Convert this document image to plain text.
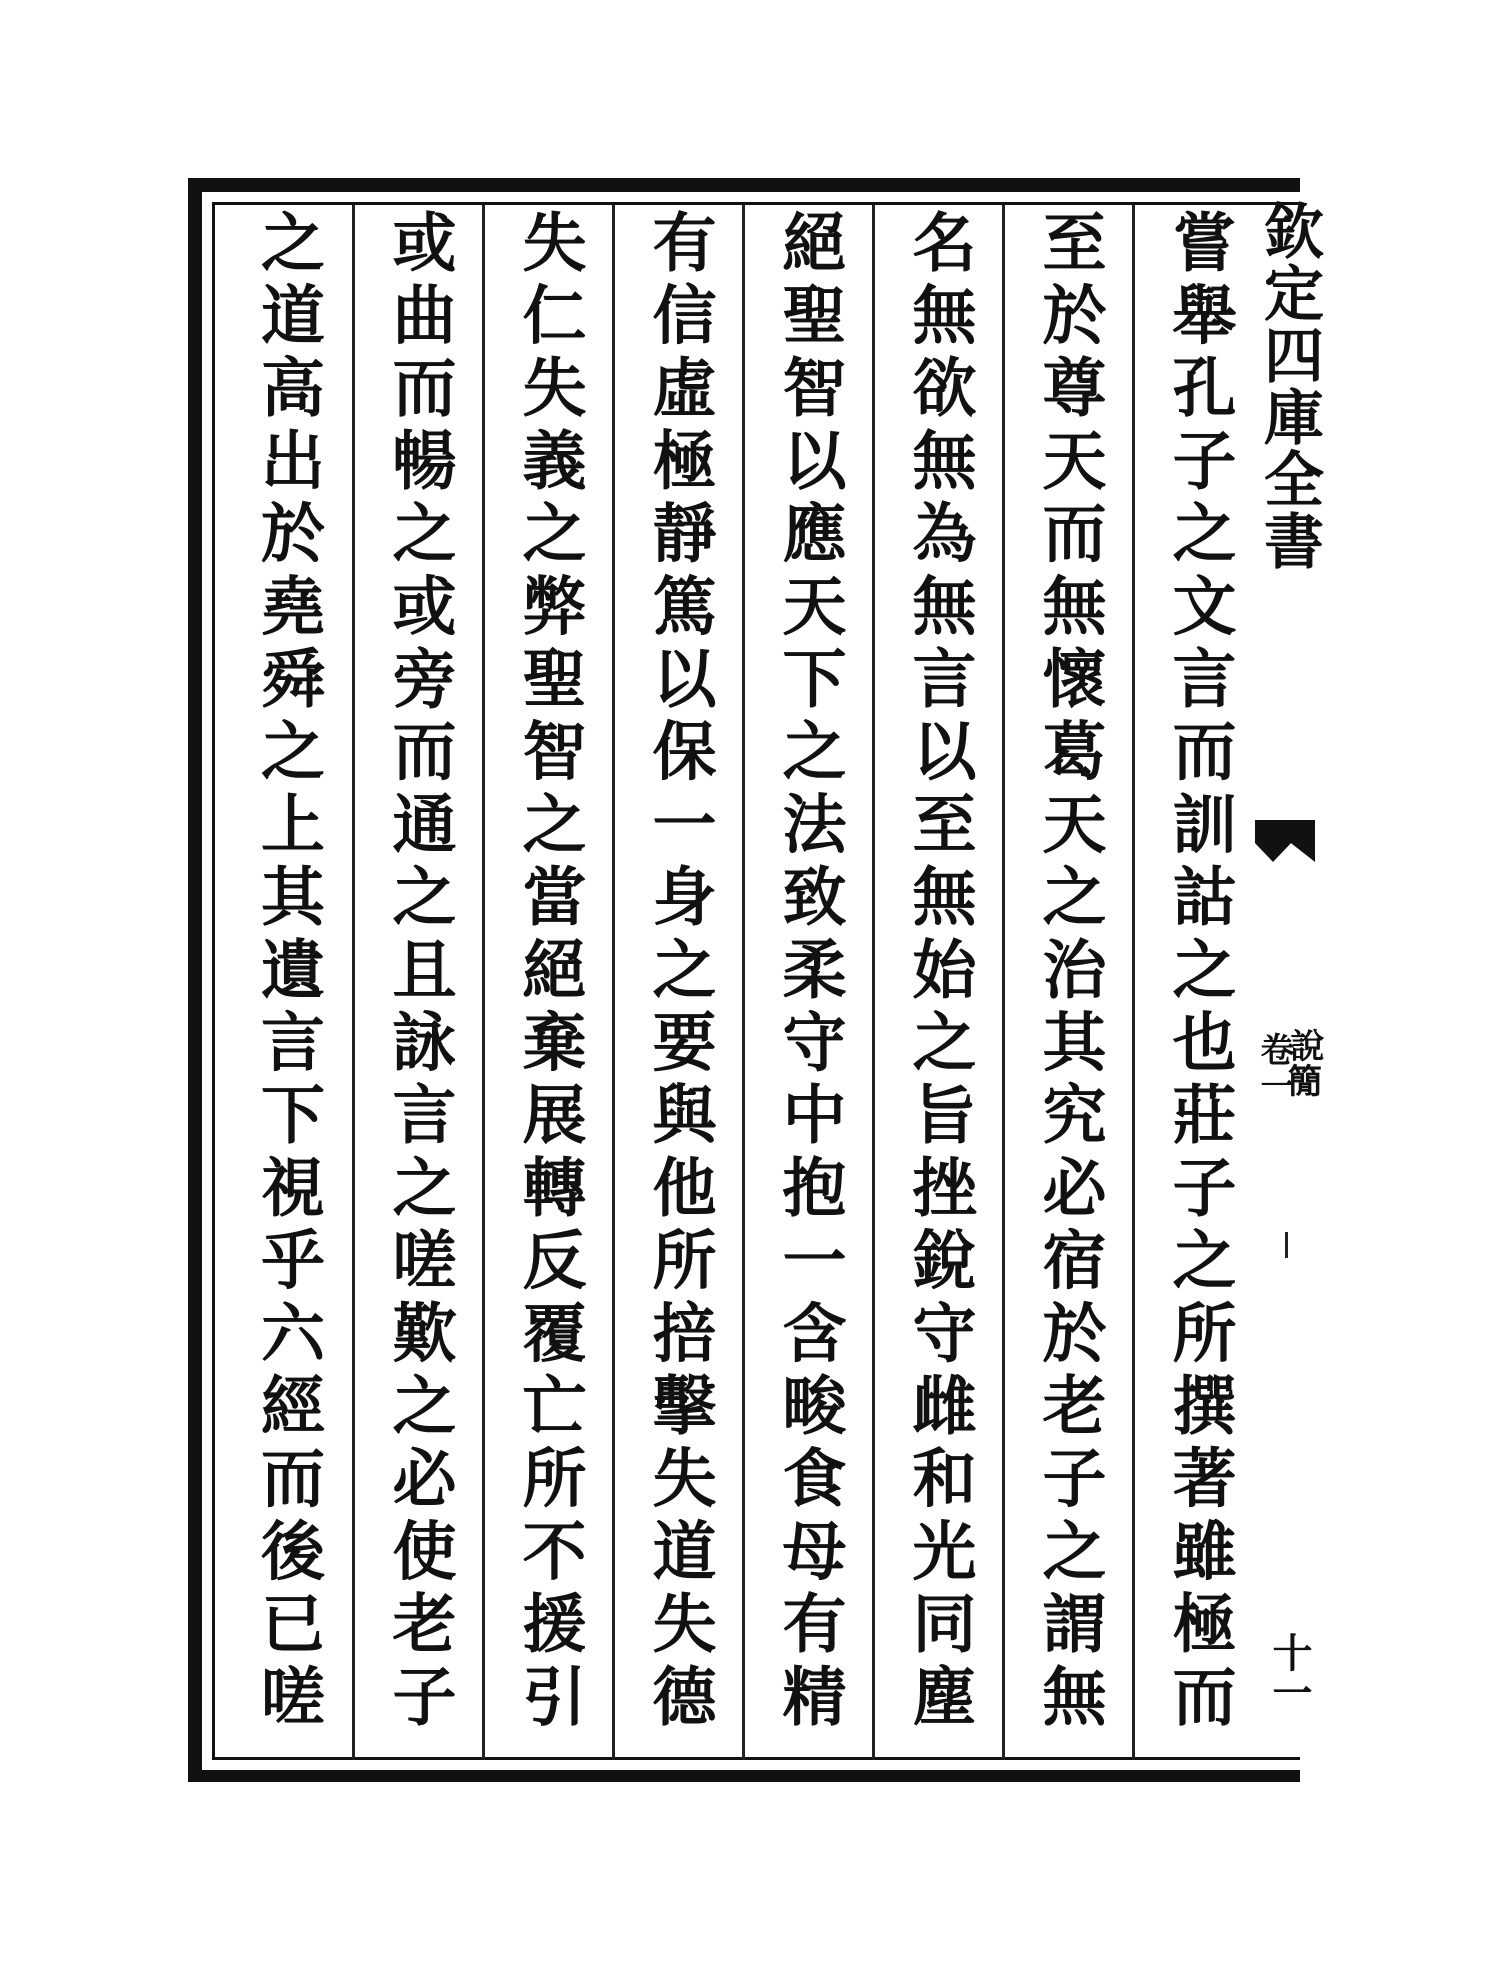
嘗舉孔子之文言而訓詁之也莊子之所撰著雖極而
至於尊天而無懷葛天之治其究必宿於老子之謂無
名無欲無為無言以至無始之旨挫銳守雌和光同塵
絕聖智以應天下之法致柔守中抱一含畯食母有精
有信虛極靜篤以保一身之要與他所掊擊失道失德
失仁失義之弊聖智之當絕棄展轉反覆亡所不援引
或曲而暢之或旁而通之且詠言之嗟歎之必使老子
之道高出於堯舜之上其遺言下視乎六經而後已嗟	欽定四庫全書
卷一
說𥳑
十一
